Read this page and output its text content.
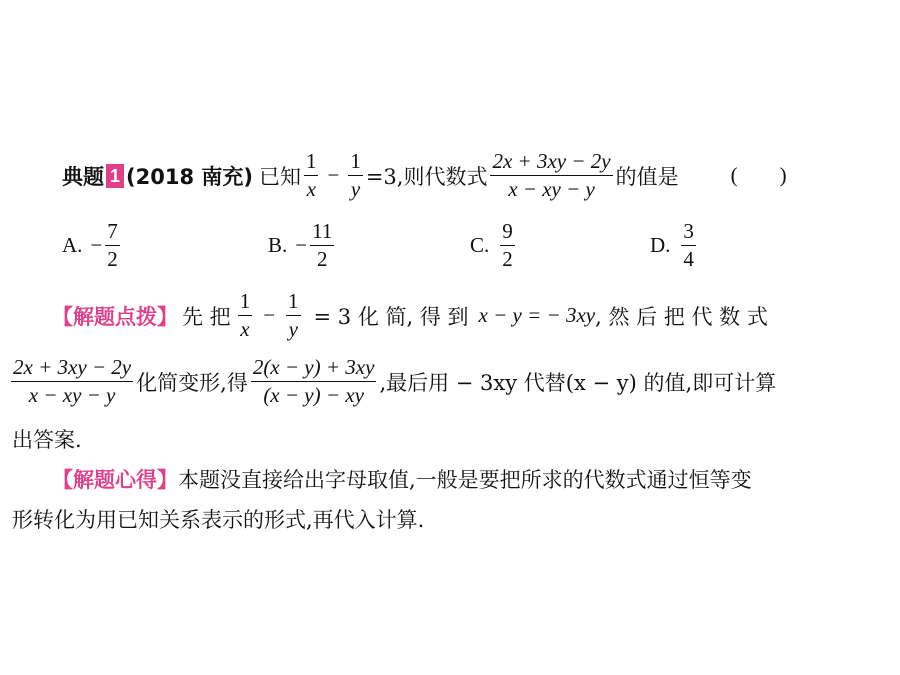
典题 1 (2018 南充) 已知 $\frac{1}{x} - \frac{1}{y} =3$,则代数式 $\frac{2x + 3xy - 2y}{x - xy - y}$ 的值是 (        )
A. − $\frac{7}{2}$	B. − $\frac{11}{2}$	C. $\frac{9}{2}$	D. $\frac{3}{4}$
【解题点拨】 先 把 $\frac{1}{x} - \frac{1}{y} = 3$ 化 简, 得 到 x − y = − 3xy , 然 后 把 代 数 式
$\frac{2x + 3xy - 2y}{x - xy - y}$ 化简变形,得 $\frac{2(x - y) + 3xy}{(x - y) - xy}$ ,最后用 − 3xy 代替(x − y) 的值,即可计算
出答案.
【解题心得】 本题没直接给出字母取值,一般是要把所求的代数式通过恒等变
形转化为用已知关系表示的形式,再代入计算.
